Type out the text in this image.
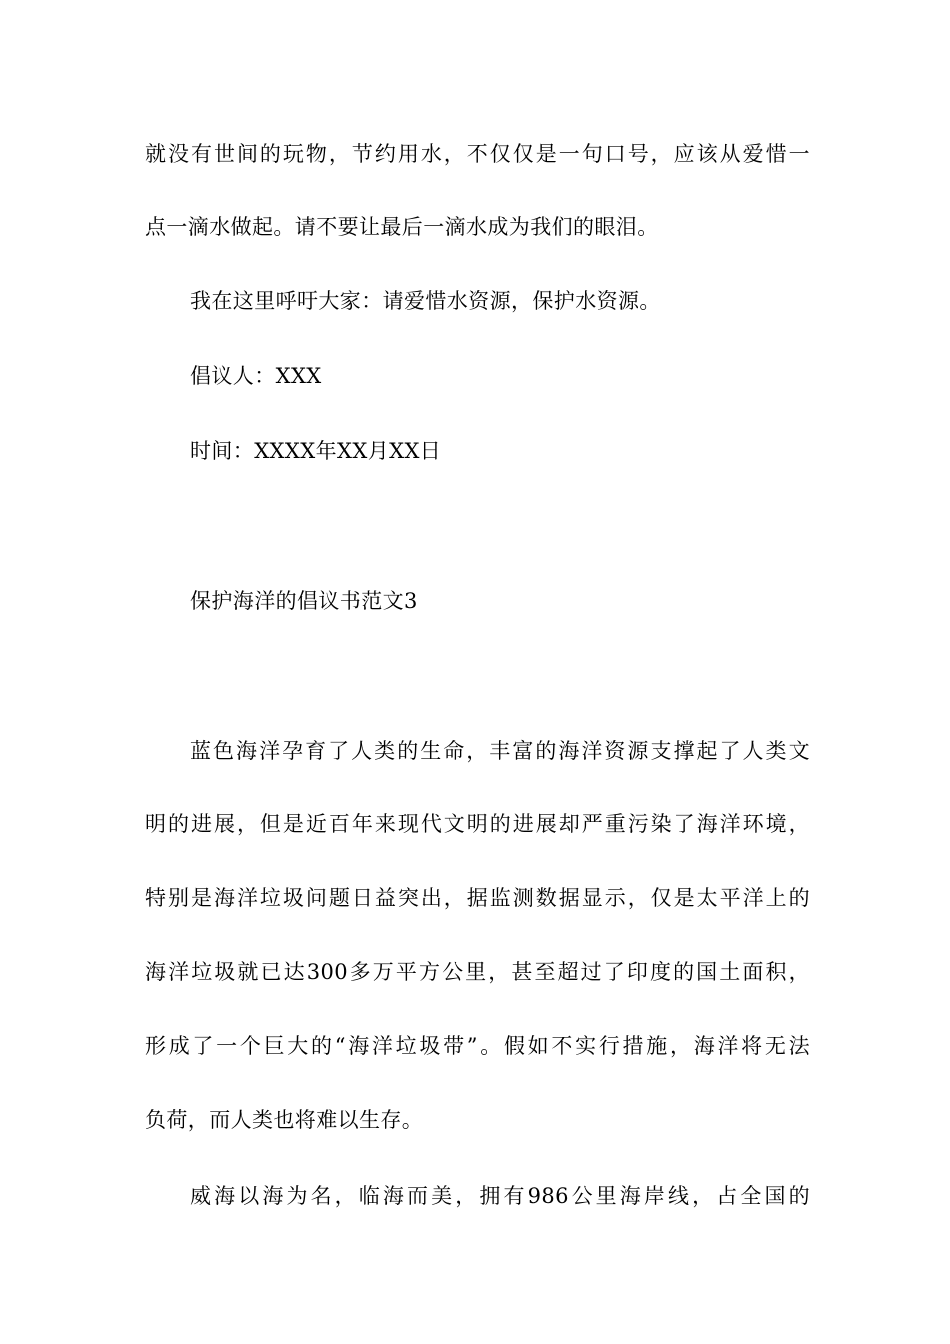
就没有世间的玩物，节约用水，不仅仅是一句口号，应该从爱惜一
点一滴水做起。请不要让最后一滴水成为我们的眼泪。
我在这里呼吁大家：请爱惜水资源，保护水资源。
倡议人：XXX
时间：XXXX年XX月XX日
保护海洋的倡议书范文3
蓝色海洋孕育了人类的生命，丰富的海洋资源支撑起了人类文
明的进展，但是近百年来现代文明的进展却严重污染了海洋环境，
特别是海洋垃圾问题日益突出，据监测数据显示，仅是太平洋上的
海洋垃圾就已达300多万平方公里，甚至超过了印度的国土面积，
形成了一个巨大的“海洋垃圾带”。假如不实行措施，海洋将无法
负荷，而人类也将难以生存。
威海以海为名，临海而美，拥有986公里海岸线，占全国的
